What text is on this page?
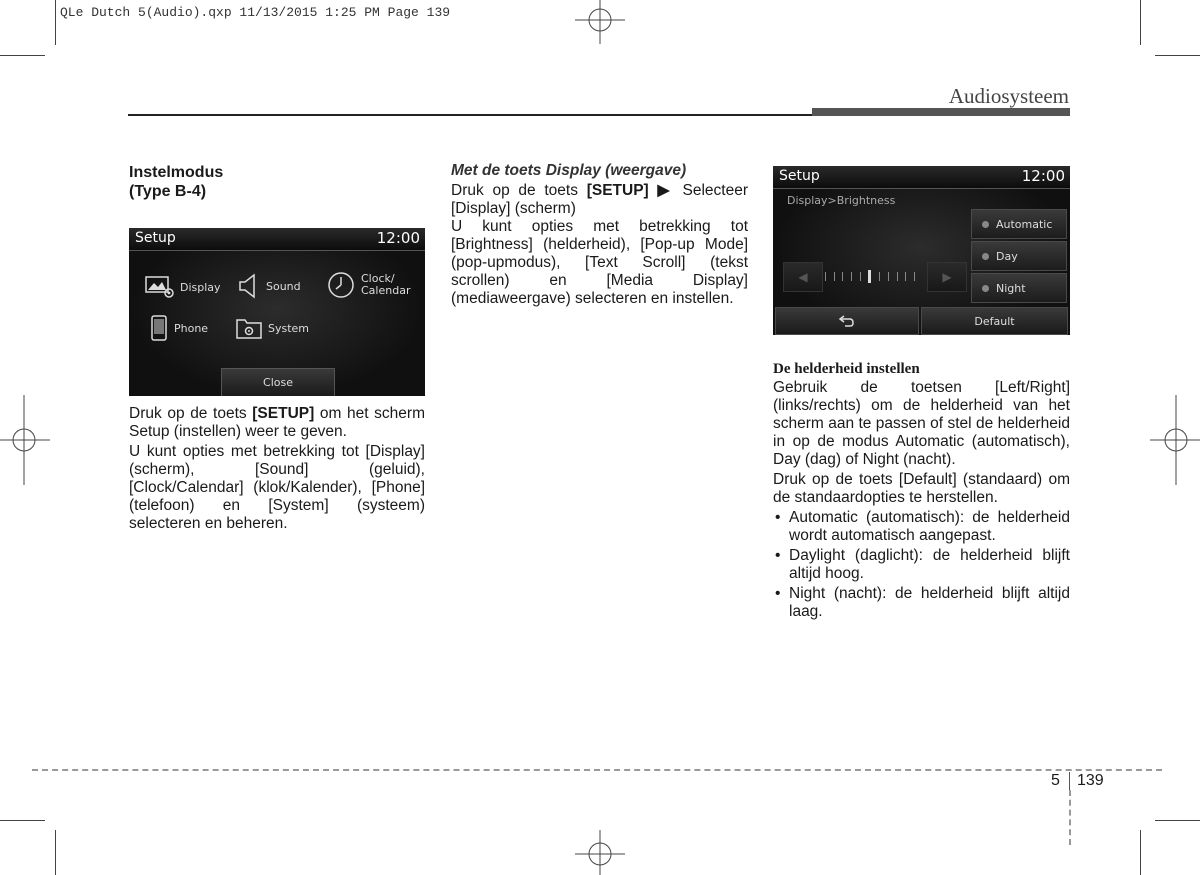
QLe Dutch 5(Audio).qxp 11/13/2015 1:25 PM Page 139
Audiosysteem
Instelmodus
(Type B-4)
Setup	12:00
Display	Sound
Clock/
Calendar
Phone	System
Close

Druk op de toets [SETUP] om het scherm Setup (instellen) weer te geven.

U kunt opties met betrekking tot [Display] (scherm), [Sound] (geluid), [Clock/Calendar] (klok/Kalender), [Phone] (telefoon) en [System] (systeem) selecteren en beheren.

Met de toets Display (weergave)

Druk op de toets [SETUP] ▶ Selecteer [Display] (scherm)

U kunt opties met betrekking tot [Brightness] (helderheid), [Pop-up Mode] (pop-upmodus), [Text Scroll] (tekst scrollen) en [Media Display] (mediaweergave) selecteren en instellen.

Setup	12:00
Display>Brightness
◀	▶
Automatic
Day
Night
Default
De helderheid instellen

Gebruik de toetsen [Left/Right] (links/rechts) om de helderheid van het scherm aan te passen of stel de helderheid in op de modus Automatic (automatisch), Day (dag) of Night (nacht).

Druk op de toets [Default] (standaard) om de standaardopties te herstellen.

• Automatic (automatisch): de helderheid wordt automatisch aangepast.
• Daylight (daglicht): de helderheid blijft altijd hoog.
• Night (nacht): de helderheid blijft altijd laag.
5 139
